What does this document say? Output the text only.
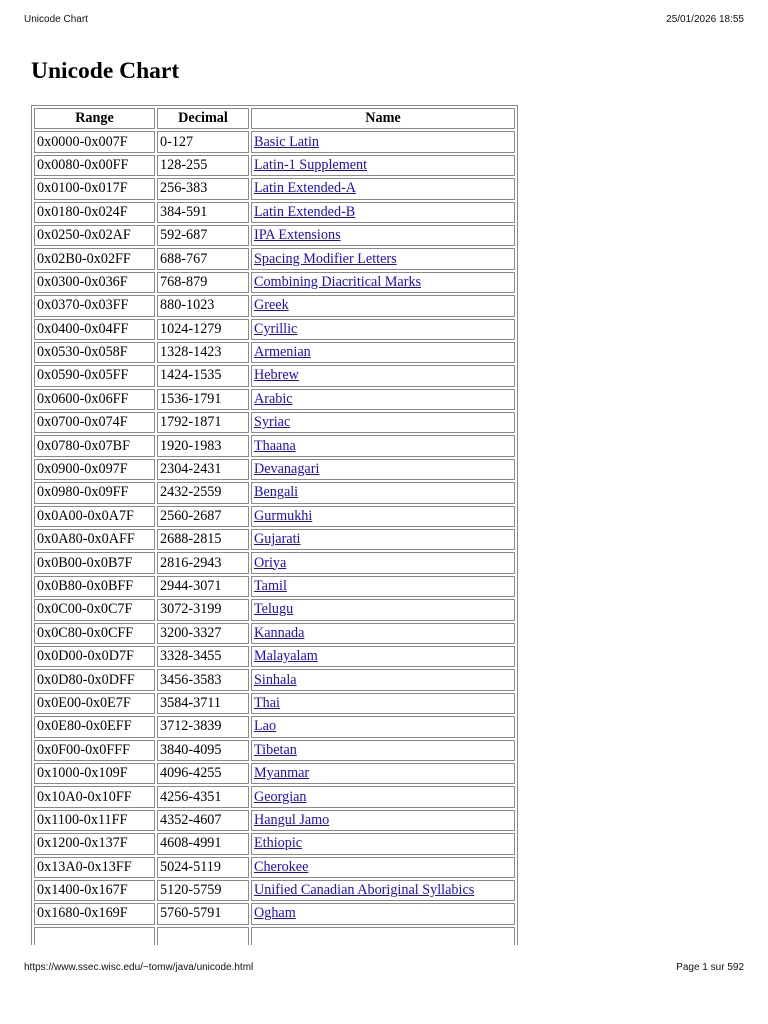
Unicode Chart	25/01/2026 18:55
Unicode Chart
Range	Decimal	Name
0x0000-0x007F	0-127	Basic Latin
0x0080-0x00FF	128-255	Latin-1 Supplement
0x0100-0x017F	256-383	Latin Extended-A
0x0180-0x024F	384-591	Latin Extended-B
0x0250-0x02AF	592-687	IPA Extensions
0x02B0-0x02FF	688-767	Spacing Modifier Letters
0x0300-0x036F	768-879	Combining Diacritical Marks
0x0370-0x03FF	880-1023	Greek
0x0400-0x04FF	1024-1279	Cyrillic
0x0530-0x058F	1328-1423	Armenian
0x0590-0x05FF	1424-1535	Hebrew
0x0600-0x06FF	1536-1791	Arabic
0x0700-0x074F	1792-1871	Syriac
0x0780-0x07BF	1920-1983	Thaana
0x0900-0x097F	2304-2431	Devanagari
0x0980-0x09FF	2432-2559	Bengali
0x0A00-0x0A7F	2560-2687	Gurmukhi
0x0A80-0x0AFF	2688-2815	Gujarati
0x0B00-0x0B7F	2816-2943	Oriya
0x0B80-0x0BFF	2944-3071	Tamil
0x0C00-0x0C7F	3072-3199	Telugu
0x0C80-0x0CFF	3200-3327	Kannada
0x0D00-0x0D7F	3328-3455	Malayalam
0x0D80-0x0DFF	3456-3583	Sinhala
0x0E00-0x0E7F	3584-3711	Thai
0x0E80-0x0EFF	3712-3839	Lao
0x0F00-0x0FFF	3840-4095	Tibetan
0x1000-0x109F	4096-4255	Myanmar
0x10A0-0x10FF	4256-4351	Georgian
0x1100-0x11FF	4352-4607	Hangul Jamo
0x1200-0x137F	4608-4991	Ethiopic
0x13A0-0x13FF	5024-5119	Cherokee
0x1400-0x167F	5120-5759	Unified Canadian Aboriginal Syllabics
0x1680-0x169F	5760-5791	Ogham

https://www.ssec.wisc.edu/~tomw/java/unicode.html	Page 1 sur 592
